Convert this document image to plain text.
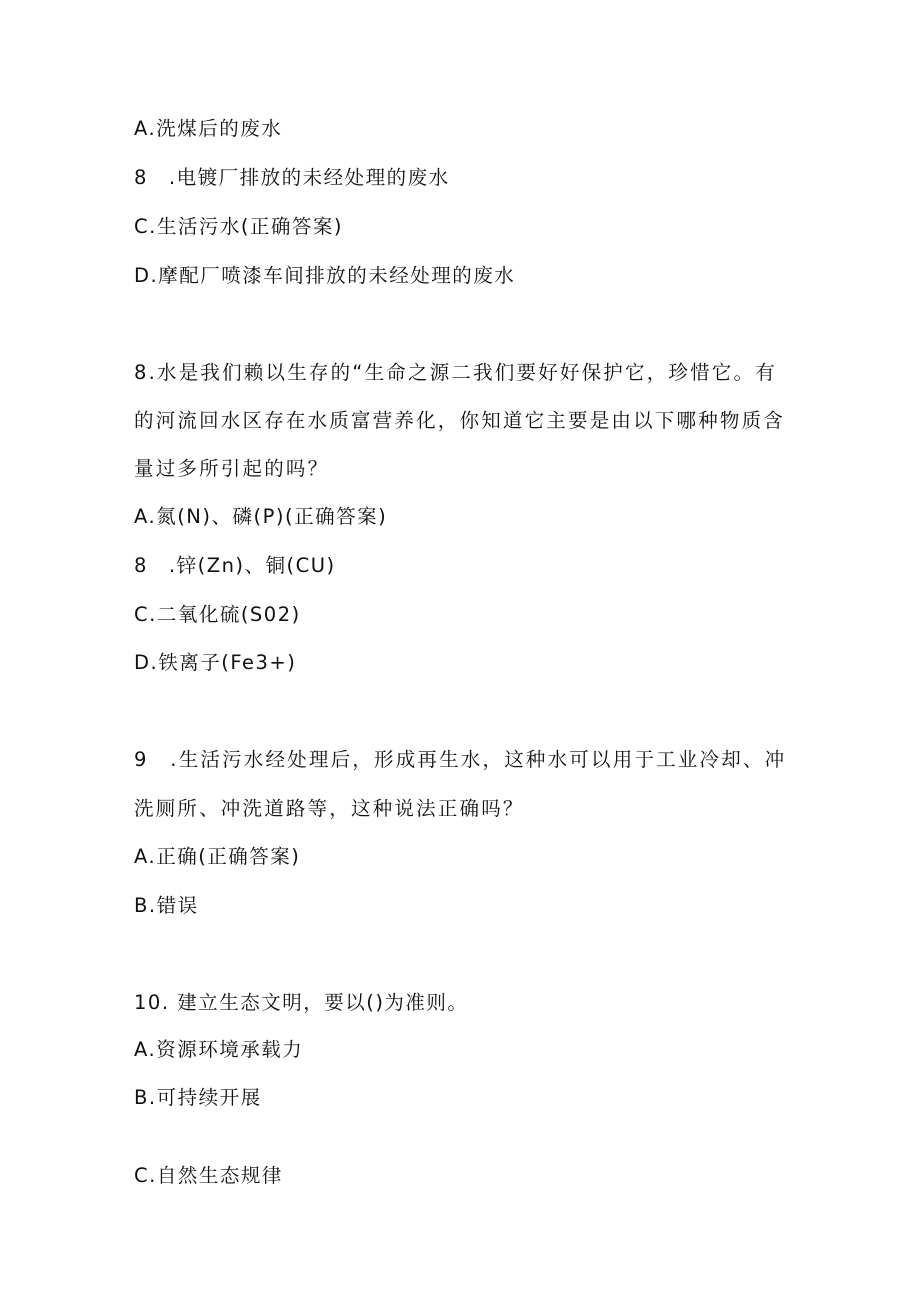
A.洗煤后的废水
8　.电镀厂排放的未经处理的废水
C.生活污水(正确答案)
D.摩配厂喷漆车间排放的未经处理的废水
8.水是我们赖以生存的“生命之源二我们要好好保护它，珍惜它。有
的河流回水区存在水质富营养化，你知道它主要是由以下哪种物质含
量过多所引起的吗？
A.氮(N)、磷(P)(正确答案)
8　.锌(Zn)、铜(CU)
C.二氧化硫(S02)
D.铁离子(Fe3+)
9　.生活污水经处理后，形成再生水，这种水可以用于工业冷却、冲
洗厕所、冲洗道路等，这种说法正确吗？
A.正确(正确答案)
B.错误
10. 建立生态文明，要以()为准则。
A.资源环境承载力
B.可持续开展
C.自然生态规律
